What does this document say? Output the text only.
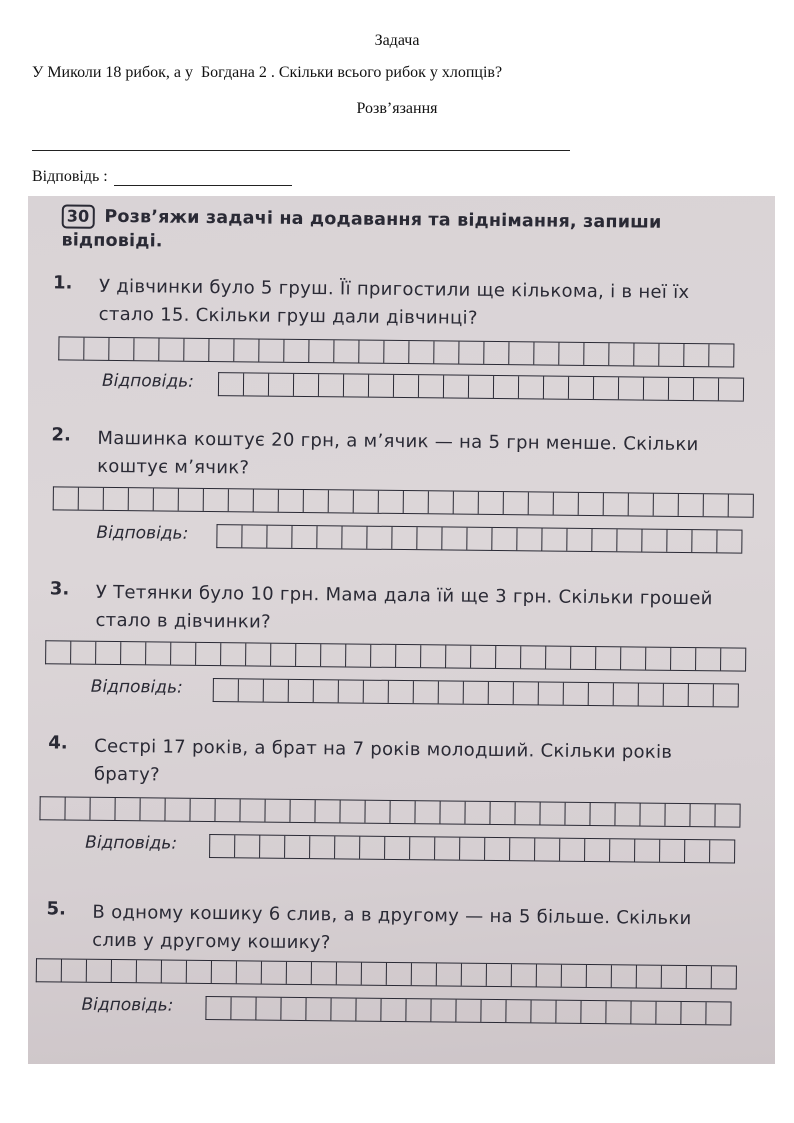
Задача
У Миколи 18 рибок, а у  Богдана 2 . Скільки всього рибок у хлопців?
Розв’язання
Відповідь :
30 Розв’яжи задачі на додавання та віднімання, запиши відповіді.
1. У дівчинки було 5 груш. Її пригостили ще кількома, і в неї їх стало 15. Скільки груш дали дівчинці?
Відповідь:
2. Машинка коштує 20 грн, а м’ячик — на 5 грн менше. Скільки коштує м’ячик?
Відповідь:
3. У Тетянки було 10 грн. Мама дала їй ще 3 грн. Скільки грошей стало в дівчинки?
Відповідь:
4. Сестрі 17 років, а брат на 7 років молодший. Скільки років брату?
Відповідь:
5. В одному кошику 6 слив, а в другому — на 5 більше. Скільки слив у другому кошику?
Відповідь:
